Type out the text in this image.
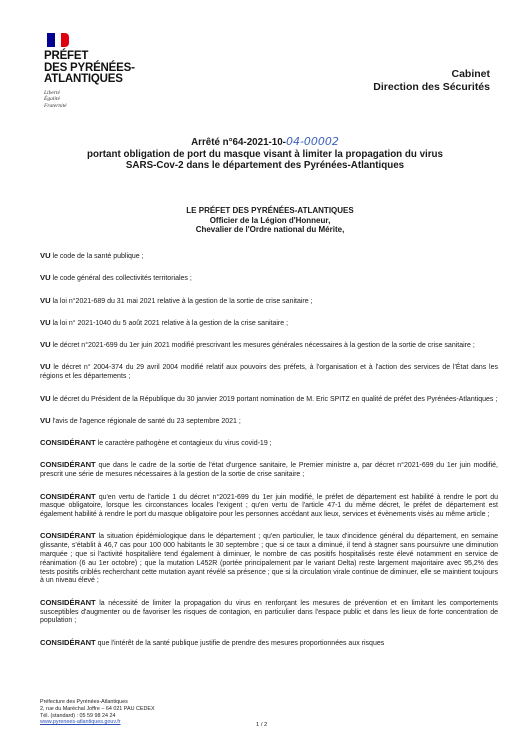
PRÉFET
DES PYRÉNÉES-
ATLANTIQUES
Liberté
Égalité
Fraternité
Cabinet
Direction des Sécurités
Arrêté n°64-2021-10-04-00002
portant obligation de port du masque visant à limiter la propagation du virus
SARS-Cov-2 dans le département des Pyrénées-Atlantiques
LE PRÉFET DES PYRÉNÉES-ATLANTIQUES
Officier de la Légion d'Honneur,
Chevalier de l'Ordre national du Mérite,

VU le code de la santé publique ;

VU le code général des collectivités territoriales ;

VU la loi n°2021-689 du 31 mai 2021 relative à la gestion de la sortie de crise sanitaire ;

VU la loi n° 2021-1040 du 5 août 2021 relative à la gestion de la crise sanitaire ;

VU le décret n°2021-699 du 1er juin 2021 modifié prescrivant les mesures générales nécessaires à la gestion de la sortie de crise sanitaire ;

VU le décret n° 2004-374 du 29 avril 2004 modifié relatif aux pouvoirs des préfets, à l'organisation et à l'action des services de l'État dans les régions et les départements ;

VU le décret du Président de la République du 30 janvier 2019 portant nomination de M. Eric SPITZ en qualité de préfet des Pyrénées-Atlantiques ;

VU l'avis de l'agence régionale de santé du 23 septembre 2021 ;

CONSIDÉRANT le caractère pathogène et contagieux du virus covid-19 ;

CONSIDÉRANT que dans le cadre de la sortie de l'état d'urgence sanitaire, le Premier ministre a, par décret n°2021-699 du 1er juin modifié, prescrit une série de mesures nécessaires à la gestion de la sortie de crise sanitaire ;

CONSIDÉRANT qu'en vertu de l'article 1 du décret n°2021-699 du 1er juin modifié, le préfet de département est habilité à rendre le port du masque obligatoire, lorsque les circonstances locales l'exigent ; qu'en vertu de l'article 47-1 du même décret, le préfet de département est également habilité à rendre le port du masque obligatoire pour les personnes accédant aux lieux, services et évènements visés au même article ;

CONSIDÉRANT la situation épidémiologique dans le département ; qu'en particulier, le taux d'incidence général du département, en semaine glissante, s'établit à 46,7 cas pour 100 000 habitants le 30 septembre ; que si ce taux a diminué, il tend à stagner sans poursuivre une diminution marquée ; que si l'activité hospitalière tend également à diminuer, le nombre de cas positifs hospitalisés reste élevé notamment en service de réanimation (6 au 1er octobre) ; que la mutation L452R (portée principalement par le variant Delta) reste largement majoritaire avec 95,2% des tests positifs criblés recherchant cette mutation ayant révélé sa présence ; que si la circulation virale continue de diminuer, elle se maintient toujours à un niveau élevé ;

CONSIDÉRANT la nécessité de limiter la propagation du virus en renforçant les mesures de prévention et en limitant les comportements susceptibles d'augmenter ou de favoriser les risques de contagion, en particulier dans l'espace public et dans les lieux de forte concentration de population ;

CONSIDÉRANT que l'intérêt de la santé publique justifie de prendre des mesures proportionnées aux risques

Préfecture des Pyrénées-Atlantiques
2, rue du Maréchal Joffre – 64 021 PAU CEDEX
Tél. (standard) : 05 59 98 24 24
www.pyrenees-atlantiques.gouv.fr	1 / 2
